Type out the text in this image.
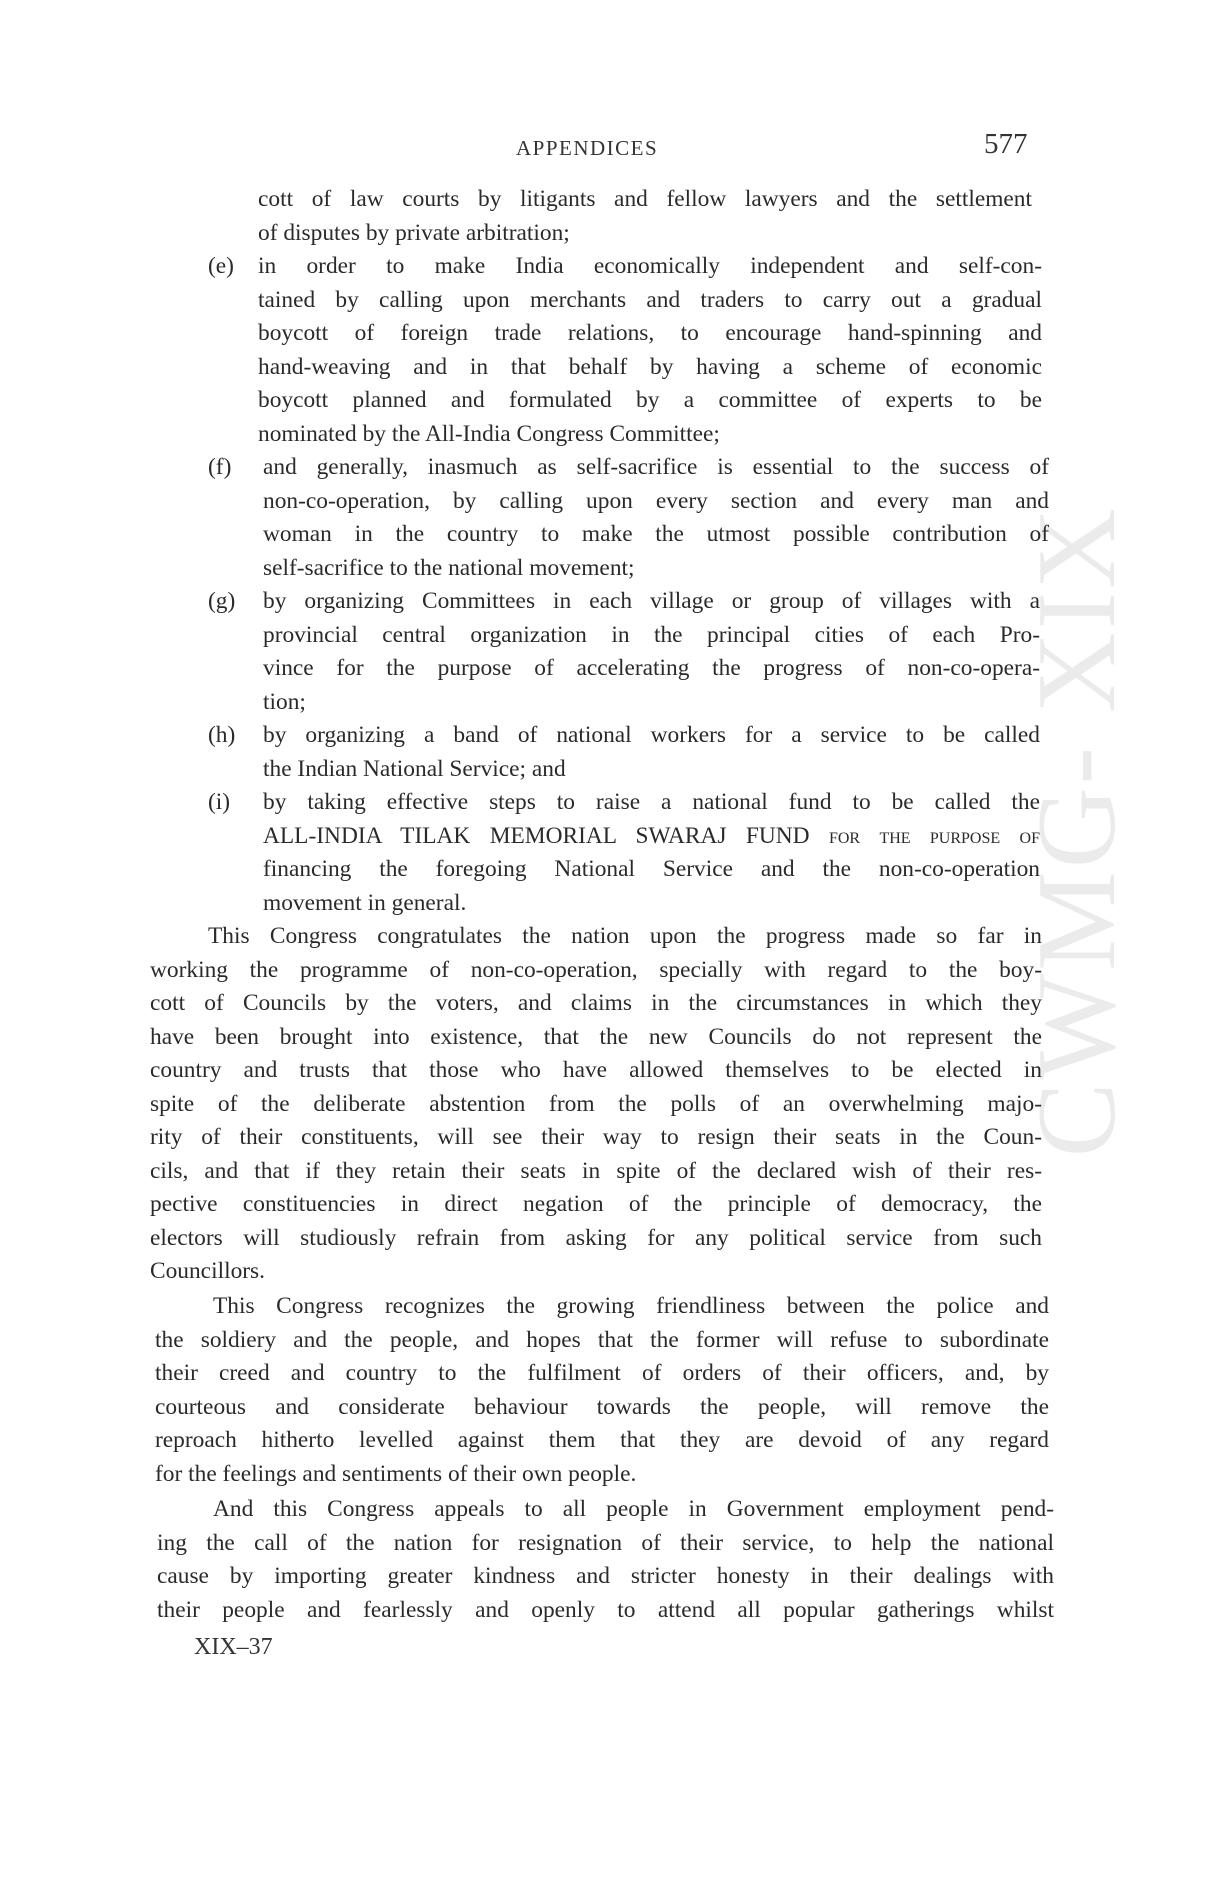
CWMG- XIX
APPENDICES	577
cott of law courts by litigants and fellow lawyers and the settlement
of disputes by private arbitration;
(e) in order to make India economically independent and self-con-
tained by calling upon merchants and traders to carry out a gradual
boycott of foreign trade relations, to encourage hand-spinning and
hand-weaving and in that behalf by having a scheme of economic
boycott planned and formulated by a committee of experts to be
nominated by the All-India Congress Committee;
(f) and generally, inasmuch as self-sacrifice is essential to the success of
non-co-operation, by calling upon every section and every man and
woman in the country to make the utmost possible contribution of
self-sacrifice to the national movement;
(g) by organizing Committees in each village or group of villages with a
provincial central organization in the principal cities of each Pro-
vince for the purpose of accelerating the progress of non-co-opera-
tion;
(h) by organizing a band of national workers for a service to be called
the Indian National Service; and
(i) by taking effective steps to raise a national fund to be called the
ALL-INDIA TILAK MEMORIAL SWARAJ FUND for the purpose of
financing the foregoing National Service and the non-co-operation
movement in general.
This Congress congratulates the nation upon the progress made so far in
working the programme of non-co-operation, specially with regard to the boy-
cott of Councils by the voters, and claims in the circumstances in which they
have been brought into existence, that the new Councils do not represent the
country and trusts that those who have allowed themselves to be elected in
spite of the deliberate abstention from the polls of an overwhelming majo-
rity of their constituents, will see their way to resign their seats in the Coun-
cils, and that if they retain their seats in spite of the declared wish of their res-
pective constituencies in direct negation of the principle of democracy, the
electors will studiously refrain from asking for any political service from such
Councillors.
This Congress recognizes the growing friendliness between the police and
the soldiery and the people, and hopes that the former will refuse to subordinate
their creed and country to the fulfilment of orders of their officers, and, by
courteous and considerate behaviour towards the people, will remove the
reproach hitherto levelled against them that they are devoid of any regard
for the feelings and sentiments of their own people.
And this Congress appeals to all people in Government employment pend-
ing the call of the nation for resignation of their service, to help the national
cause by importing greater kindness and stricter honesty in their dealings with
their people and fearlessly and openly to attend all popular gatherings whilst
XIX–37
